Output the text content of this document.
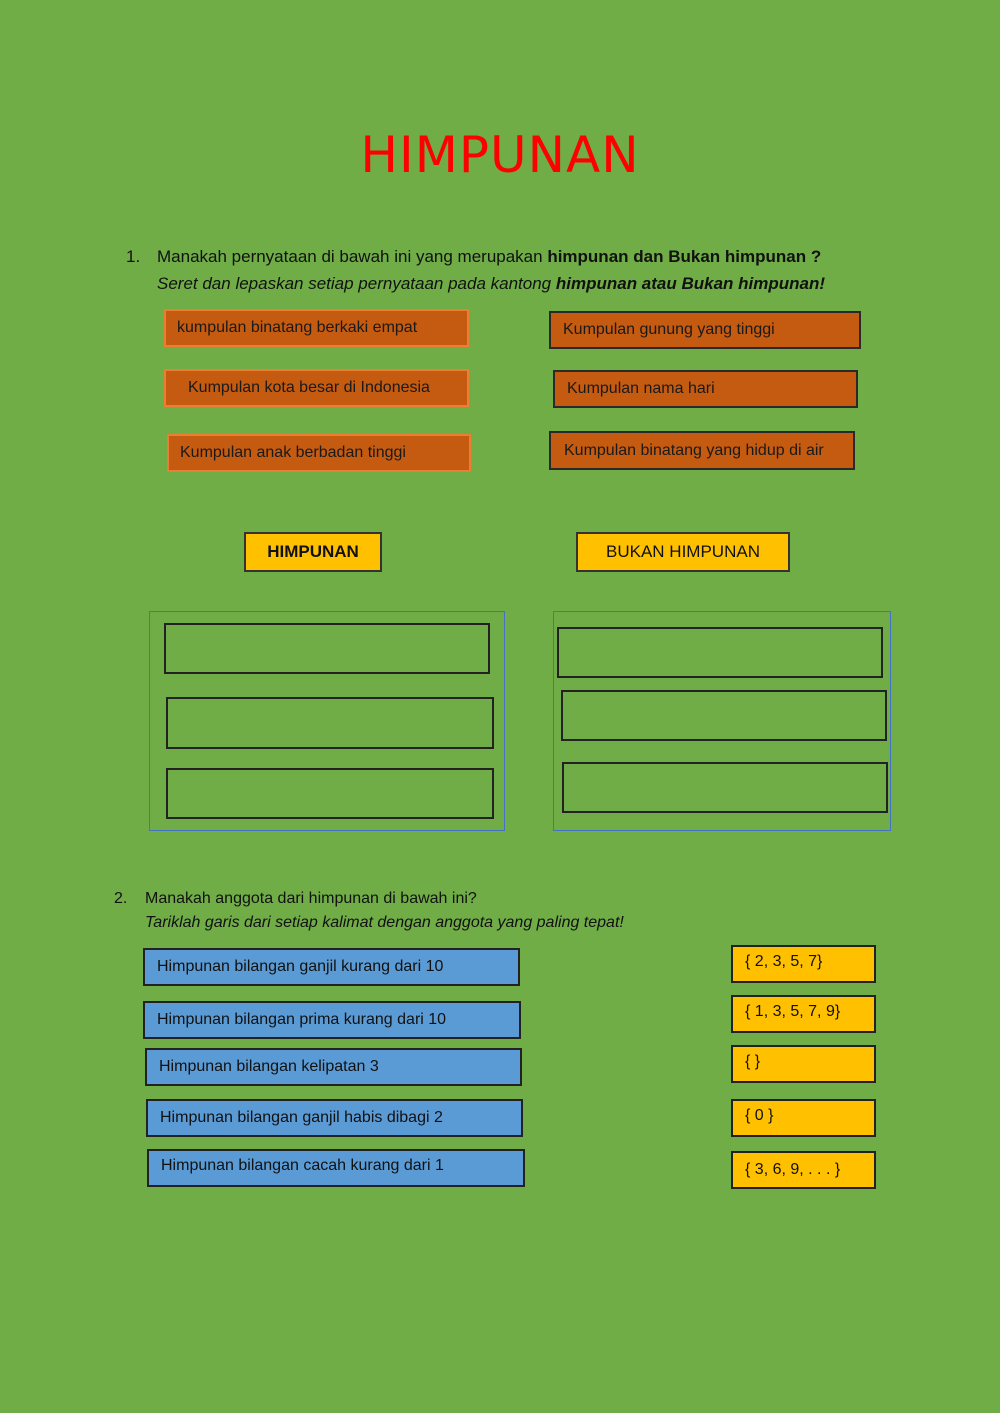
HIMPUNAN
1. Manakah pernyataan di bawah ini yang merupakan himpunan dan Bukan himpunan ?
Seret dan lepaskan setiap pernyataan pada kantong himpunan atau Bukan himpunan!
kumpulan binatang berkaki empat	Kumpulan gunung yang tinggi
Kumpulan kota besar di Indonesia	Kumpulan nama hari
Kumpulan anak berbadan tinggi	Kumpulan binatang yang hidup di air
HIMPUNAN	BUKAN HIMPUNAN
2. Manakah anggota dari himpunan di bawah ini?
Tariklah garis dari setiap kalimat dengan anggota yang paling tepat!
Himpunan bilangan ganjil kurang dari 10
Himpunan bilangan prima kurang dari 10
Himpunan bilangan kelipatan 3
Himpunan bilangan ganjil habis dibagi 2
Himpunan bilangan cacah kurang dari 1
{ 2, 3, 5, 7}
{ 1, 3, 5, 7, 9}
{ }
{ 0 }
{ 3, 6, 9, . . . }
